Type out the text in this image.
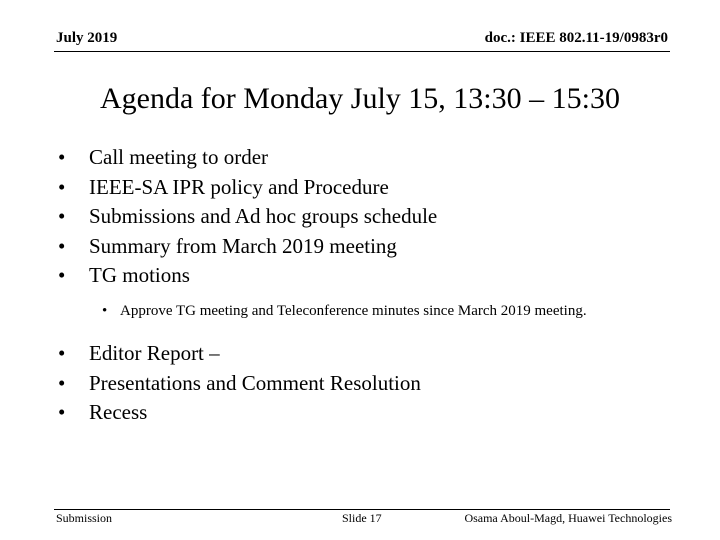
July 2019	doc.: IEEE 802.11-19/0983r0
Agenda for Monday July 15, 13:30 – 15:30
• Call meeting to order
• IEEE-SA IPR policy and Procedure
• Submissions and Ad hoc groups schedule
• Summary from March 2019 meeting
• TG motions
• Approve TG meeting and Teleconference minutes since March 2019 meeting.
• Editor Report –
• Presentations and Comment Resolution
• Recess
Submission	Slide 17	Osama Aboul-Magd, Huawei Technologies
